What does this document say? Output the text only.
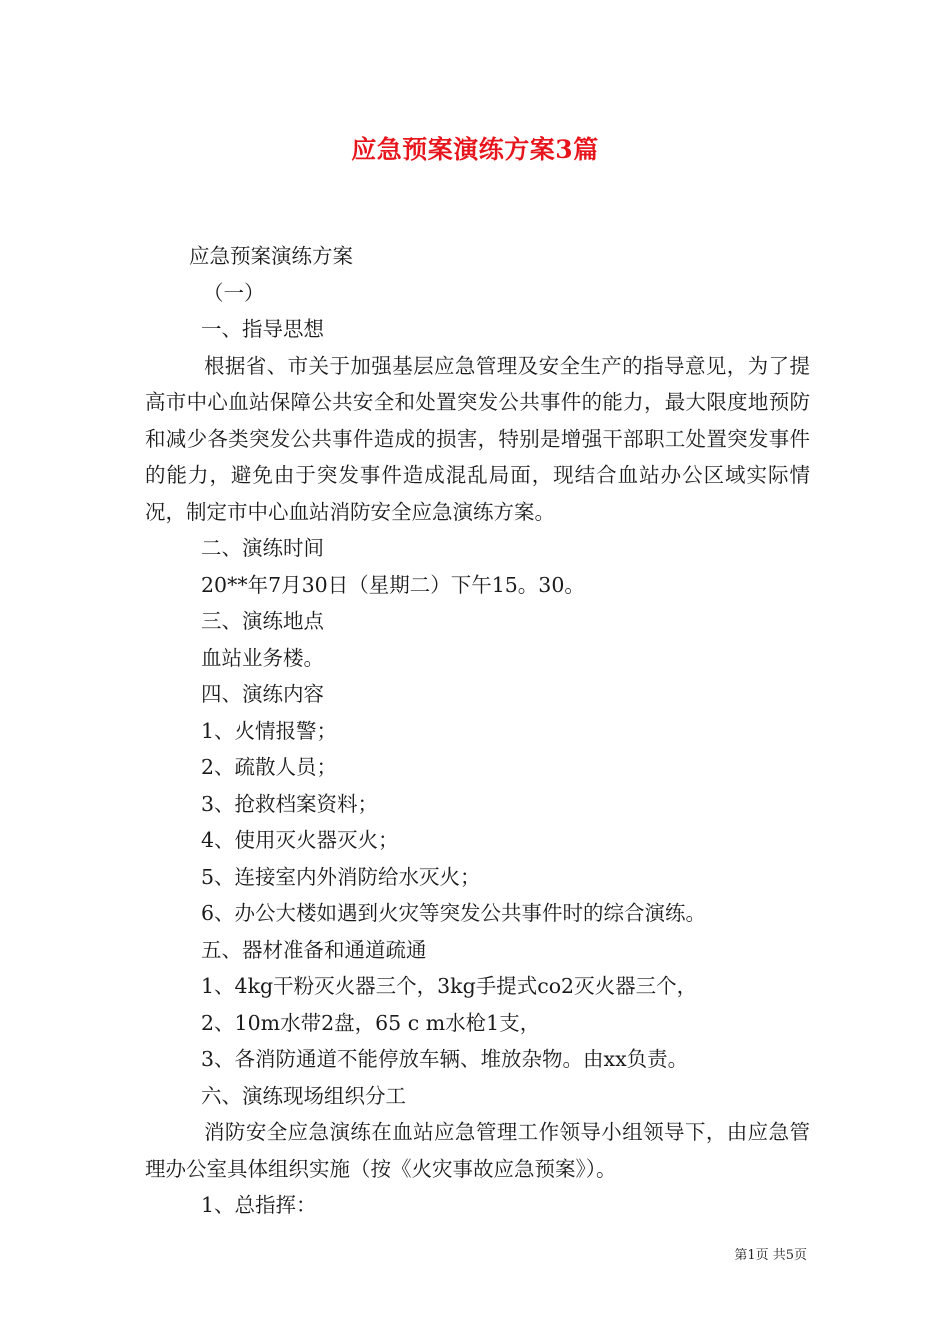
应急预案演练方案3篇

应急预案演练方案

（一）

一、指导思想

根据省、市关于加强基层应急管理及安全生产的指导意见，为了提高市中心血站保障公共安全和处置突发公共事件的能力，最大限度地预防和减少各类突发公共事件造成的损害，特别是增强干部职工处置突发事件的能力，避免由于突发事件造成混乱局面，现结合血站办公区域实际情况，制定市中心血站消防安全应急演练方案。

二、演练时间

20**年7月30日（星期二）下午15。30。

三、演练地点

血站业务楼。

四、演练内容

1、火情报警；

2、疏散人员；

3、抢救档案资料；

4、使用灭火器灭火；

5、连接室内外消防给水灭火；

6、办公大楼如遇到火灾等突发公共事件时的综合演练。

五、器材准备和通道疏通

1、4kg干粉灭火器三个，3kg手提式co2灭火器三个，

2、10m水带2盘，65 c m水枪1支，

3、各消防通道不能停放车辆、堆放杂物。由xx负责。

六、演练现场组织分工

消防安全应急演练在血站应急管理工作领导小组领导下，由应急管理办公室具体组织实施（按《火灾事故应急预案》）。

1、总指挥：

第1页 共5页
